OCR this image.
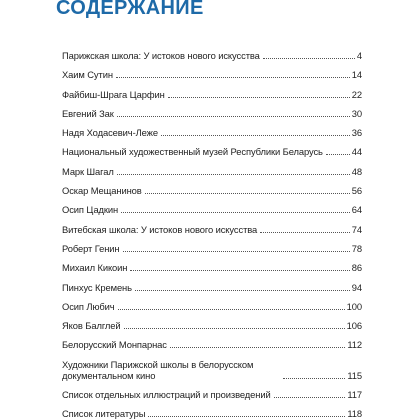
СОДЕРЖАНИЕ
Парижская школа: У истоков нового искусства	4
Хаим Сутин	14
Файбиш-Шрага Царфин	22
Евгений Зак	30
Надя Ходасевич-Леже	36
Национальный художественный музей Республики Беларусь	44
Марк Шагал	48
Оскар Мещанинов	56
Осип Цадкин	64
Витебская школа: У истоков нового искусства	74
Роберт Генин	78
Михаил Кикоин	86
Пинхус Кремень	94
Осип Любич	100
Яков Балглей	106
Белорусский Монпарнас	112
Художники Парижской школы в белорусском документальном кино	115
Список отдельных иллюстраций и произведений	117
Список литературы	118
